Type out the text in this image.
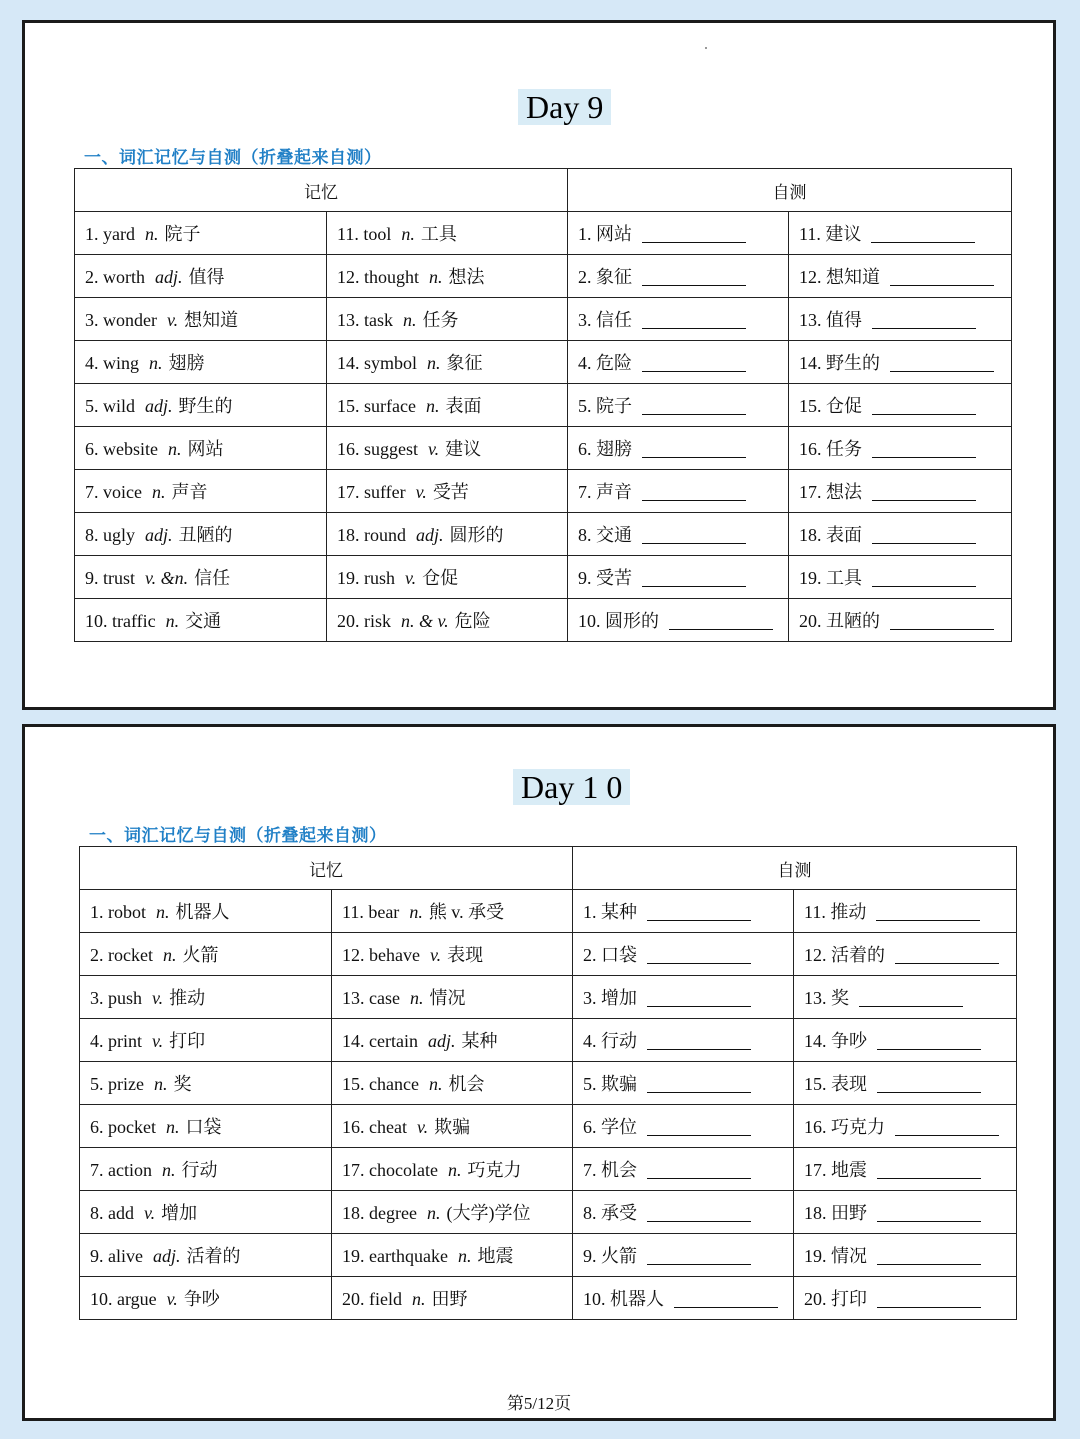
Day 9
一、词汇记忆与自测（折叠起来自测）
记忆		自测	
1. yard n. 院子	11. tool n. 工具	1. 网站	11. 建议
2. worth adj. 值得	12. thought n. 想法	2. 象征	12. 想知道
3. wonder v. 想知道	13. task n. 任务	3. 信任	13. 值得
4. wing n. 翅膀	14. symbol n. 象征	4. 危险	14. 野生的
5. wild adj. 野生的	15. surface n. 表面	5. 院子	15. 仓促
6. website n. 网站	16. suggest v. 建议	6. 翅膀	16. 任务
7. voice n. 声音	17. suffer v. 受苦	7. 声音	17. 想法
8. ugly adj. 丑陋的	18. round adj. 圆形的	8. 交通	18. 表面
9. trust v. &n. 信任	19. rush v. 仓促	9. 受苦	19. 工具
10. traffic n. 交通	20. risk n. & v. 危险	10. 圆形的	20. 丑陋的
Day 1 0
一、词汇记忆与自测（折叠起来自测）
记忆		自测	
1. robot n. 机器人	11. bear n. 熊 v. 承受	1. 某种	11. 推动
2. rocket n. 火箭	12. behave v. 表现	2. 口袋	12. 活着的
3. push v. 推动	13. case n. 情况	3. 增加	13. 奖
4. print v. 打印	14. certain adj. 某种	4. 行动	14. 争吵
5. prize n. 奖	15. chance n. 机会	5. 欺骗	15. 表现
6. pocket n. 口袋	16. cheat v. 欺骗	6. 学位	16. 巧克力
7. action n. 行动	17. chocolate n. 巧克力	7. 机会	17. 地震
8. add v. 增加	18. degree n. (大学)学位	8. 承受	18. 田野
9. alive adj. 活着的	19. earthquake n. 地震	9. 火箭	19. 情况
10. argue v. 争吵	20. field n. 田野	10. 机器人	20. 打印
第5/12页
